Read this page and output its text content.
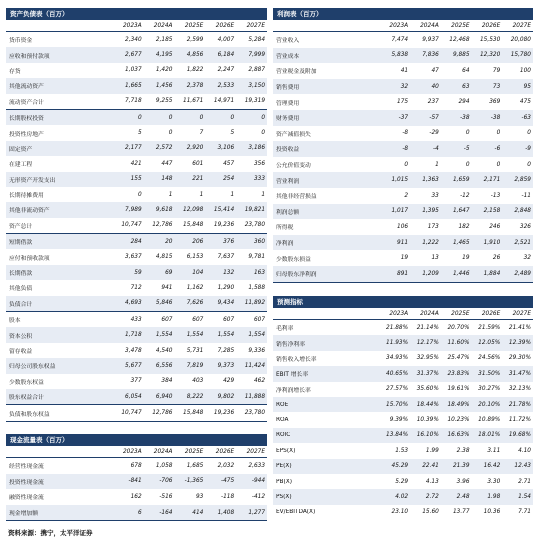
资产负债表（百万）
2023A	2024A	2025E	2026E	2027E
货币资金	2,340	2,185	2,599	4,007	5,284
应收和预付款项	2,677	4,195	4,856	6,184	7,999
存货	1,037	1,420	1,822	2,247	2,887
其他流动资产	1,665	1,456	2,378	2,533	3,150
流动资产合计	7,718	9,255	11,671	14,971	19,319
长期股权投资	0	0	0	0	0
投资性房地产	5	0	7	5	0
固定资产	2,177	2,572	2,920	3,106	3,186
在建工程	421	447	601	457	356
无形资产开发支出	155	148	221	254	333
长期待摊费用	0	1	1	1	1
其他非流动资产	7,989	9,618	12,098	15,414	19,821
资产总计	10,747	12,786	15,848	19,236	23,780
短期借款	284	20	206	376	360
应付和预收款项	3,637	4,815	6,153	7,637	9,781
长期借款	59	69	104	132	163
其他负债	712	941	1,162	1,290	1,588
负债合计	4,693	5,846	7,626	9,434	11,892
股本	433	607	607	607	607
资本公积	1,718	1,554	1,554	1,554	1,554
留存收益	3,478	4,540	5,731	7,285	9,336
归母公司股东权益	5,677	6,556	7,819	9,373	11,424
少数股东权益	377	384	403	429	462
股东权益合计	6,054	6,940	8,222	9,802	11,888
负债和股东权益	10,747	12,786	15,848	19,236	23,780
现金流量表（百万）
2023A	2024A	2025E	2026E	2027E
经营性现金流	678	1,058	1,685	2,032	2,633
投资性现金流	-841	-706	-1,365	-475	-944
融资性现金流	162	-516	93	-118	-412
现金增加额	6	-164	414	1,408	1,277
利润表（百万）
2023A	2024A	2025E	2026E	2027E
营业收入	7,474	9,937	12,468	15,530	20,080
营业成本	5,838	7,836	9,885	12,320	15,780
营业税金及附加	41	47	64	79	100
销售费用	32	40	63	73	95
管理费用	175	237	294	369	475
财务费用	-37	-57	-38	-38	-63
资产减值损失	-8	-29	0	0	0
投资收益	-8	-4	-5	-6	-9
公允价值变动	0	1	0	0	0
营业利润	1,015	1,363	1,659	2,171	2,859
其他非经营损益	2	33	-12	-13	-11
利润总额	1,017	1,395	1,647	2,158	2,848
所得税	106	173	182	246	326
净利润	911	1,222	1,465	1,910	2,521
少数股东损益	19	13	19	26	32
归母股东净利润	891	1,209	1,446	1,884	2,489
预测指标
2023A	2024A	2025E	2026E	2027E
毛利率	21.88%	21.14%	20.70%	21.59%	21.41%
销售净利率	11.93%	12.17%	11.60%	12.05%	12.39%
销售收入增长率	34.93%	32.95%	25.47%	24.56%	29.30%
EBIT 增长率	40.65%	31.37%	23.83%	31.50%	31.47%
净利润增长率	27.57%	35.60%	19.61%	30.27%	32.13%
ROE	15.70%	18.44%	18.49%	20.10%	21.78%
ROA	9.39%	10.39%	10.23%	10.89%	11.72%
ROIC	13.84%	16.10%	16.63%	18.01%	19.68%
EPS(X)	1.53	1.99	2.38	3.11	4.10
PE(X)	45.29	22.41	21.39	16.42	12.43
PB(X)	5.29	4.13	3.96	3.30	2.71
PS(X)	4.02	2.72	2.48	1.98	1.54
EV/EBITDA(X)	23.10	15.60	13.77	10.36	7.71
资料来源：携宁，太平洋证券
